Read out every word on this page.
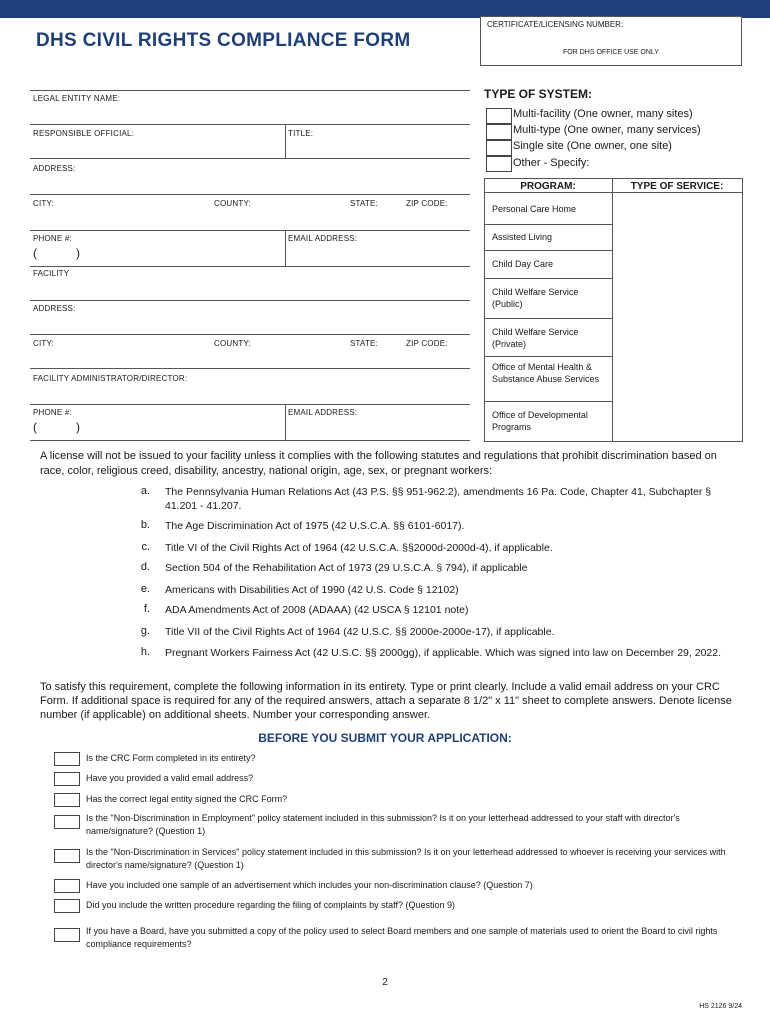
DHS CIVIL RIGHTS COMPLIANCE FORM
CERTIFICATE/LICENSING NUMBER:
FOR DHS OFFICE USE ONLY
LEGAL ENTITY NAME:
RESPONSIBLE OFFICIAL:	TITLE:
ADDRESS:
CITY:	COUNTY:	STATE:	ZIP CODE:
PHONE #:
(	)
EMAIL ADDRESS:
FACILITY
ADDRESS:
CITY:	COUNTY:	STATE:	ZIP CODE:
FACILITY ADMINISTRATOR/DIRECTOR:
PHONE #:
(	)
EMAIL ADDRESS:
TYPE OF SYSTEM:
Multi-facility (One owner, many sites)
Multi-type (One owner, many services)
Single site (One owner, one site)
Other - Specify:
PROGRAM:	TYPE OF SERVICE:
Personal Care Home
Assisted Living
Child Day Care
Child Welfare Service (Public)
Child Welfare Service (Private)
Office of Mental Health & Substance Abuse Services
Office of Developmental Programs
A license will not be issued to your facility unless it complies with the following statutes and regulations that prohibit discrimination based on race, color, religious creed, disability, ancestry, national origin, age, sex, or pregnant workers:
a. The Pennsylvania Human Relations Act (43 P.S. §§ 951-962.2), amendments 16 Pa. Code, Chapter 41, Subchapter § 41.201 - 41.207.
b. The Age Discrimination Act of 1975 (42 U.S.C.A. §§ 6101-6017).
c. Title VI of the Civil Rights Act of 1964 (42 U.S.C.A. §§2000d-2000d-4), if applicable.
d. Section 504 of the Rehabilitation Act of 1973 (29 U.S.C.A. § 794), if applicable
e. Americans with Disabilities Act of 1990 (42 U.S. Code § 12102)
f. ADA Amendments Act of 2008 (ADAAA) (42 USCA § 12101 note)
g. Title VII of the Civil Rights Act of 1964 (42 U.S.C. §§ 2000e-2000e-17), if applicable.
h. Pregnant Workers Fairness Act (42 U.S.C. §§ 2000gg), if applicable. Which was signed into law on December 29, 2022.
To satisfy this requirement, complete the following information in its entirety. Type or print clearly. Include a valid email address on your CRC Form. If additional space is required for any of the required answers, attach a separate 8 1/2" x 11" sheet to complete answers. Denote license number (if applicable) on additional sheets. Number your corresponding answer.
BEFORE YOU SUBMIT YOUR APPLICATION:
Is the CRC Form completed in its entirety?
Have you provided a valid email address?
Has the correct legal entity signed the CRC Form?
Is the "Non-Discrimination in Employment" policy statement included in this submission? Is it on your letterhead addressed to your staff with director's name/signature? (Question 1)
Is the "Non-Discrimination in Services" policy statement included in this submission? Is it on your letterhead addressed to whoever is receiving your services with director's name/signature? (Question 1)
Have you included one sample of an advertisement which includes your non-discrimination clause? (Question 7)
Did you include the written procedure regarding the filing of complaints by staff? (Question 9)
If you have a Board, have you submitted a copy of the policy used to select Board members and one sample of materials used to orient the Board to civil rights compliance requirements?
2
HS 2126 9/24
